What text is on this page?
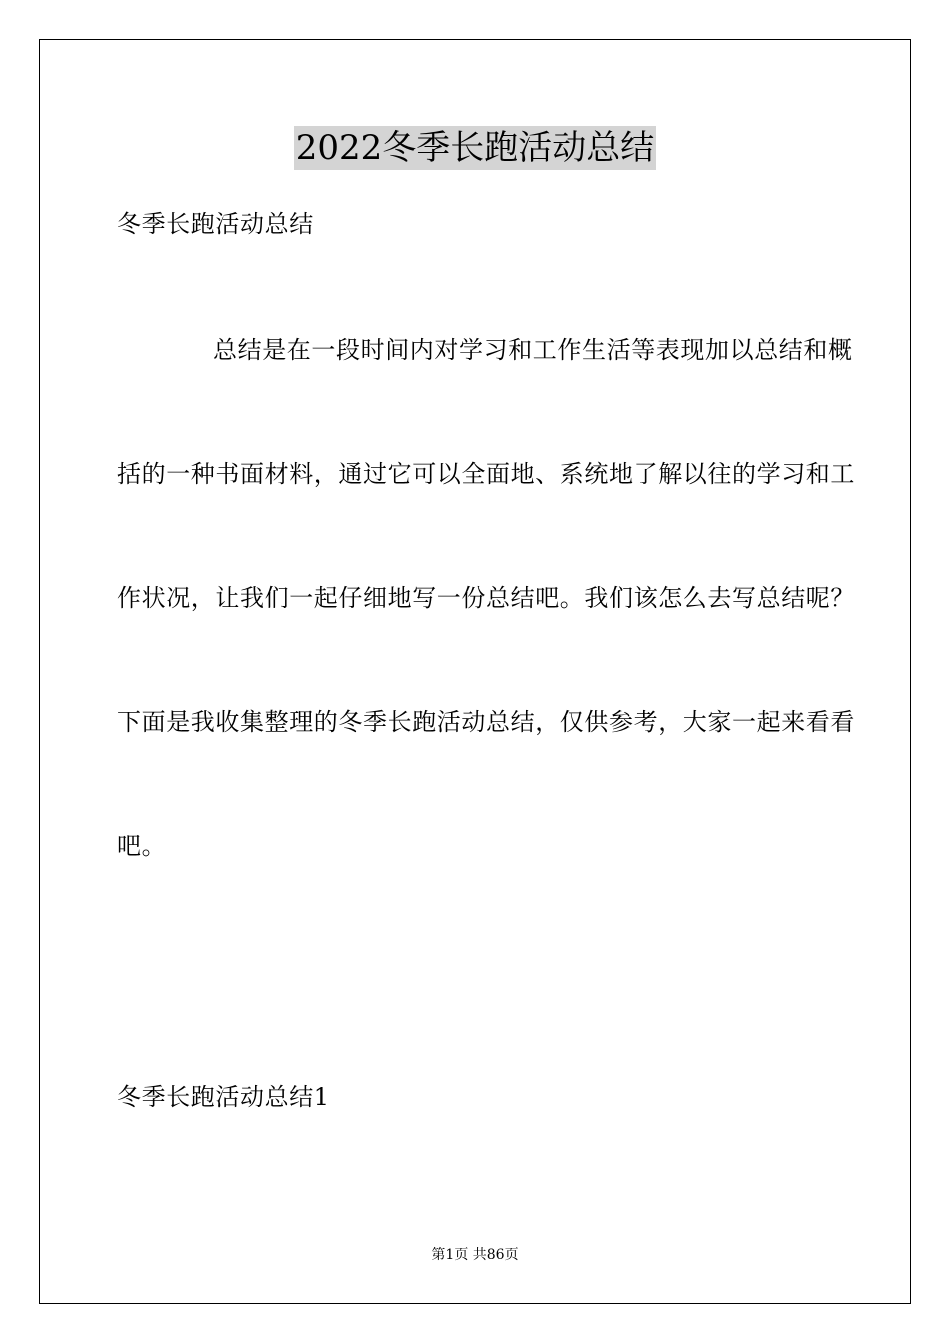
2022冬季长跑活动总结
冬季长跑活动总结
总结是在一段时间内对学习和工作生活等表现加以总结和概
括的一种书面材料，通过它可以全面地、系统地了解以往的学习和工
作状况，让我们一起仔细地写一份总结吧。我们该怎么去写总结呢？
下面是我收集整理的冬季长跑活动总结，仅供参考，大家一起来看看
吧。
冬季长跑活动总结1
第1页 共86页
